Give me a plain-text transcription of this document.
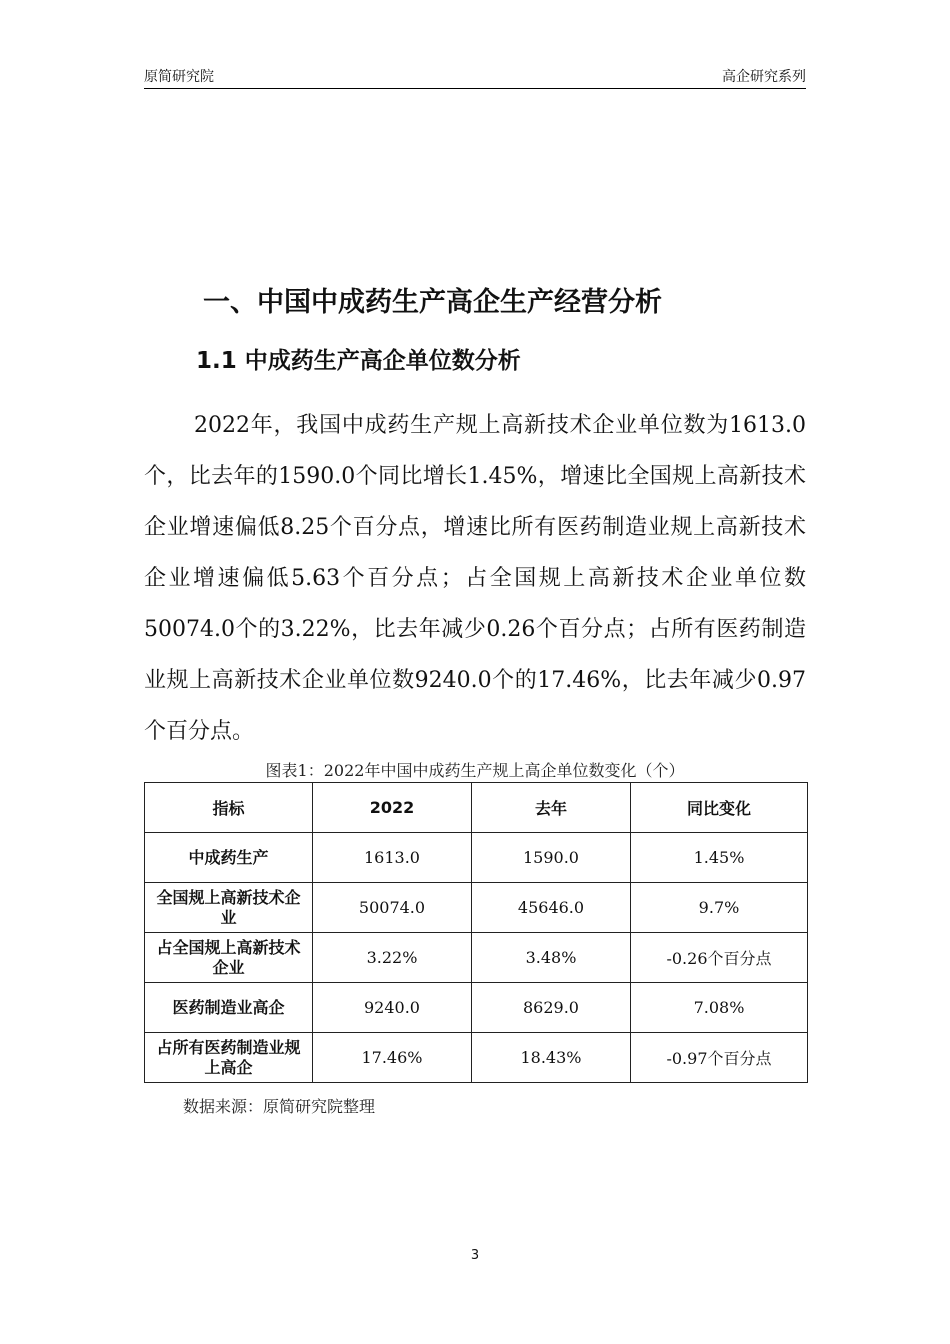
原简研究院	高企研究系列
一、中国中成药生产高企生产经营分析
1.1 中成药生产高企单位数分析

2022年，我国中成药生产规上高新技术企业单位数为1613.0个，比去年的1590.0个同比增长1.45%，增速比全国规上高新技术企业增速偏低8.25个百分点，增速比所有医药制造业规上高新技术企业增速偏低5.63个百分点；占全国规上高新技术企业单位数50074.0个的3.22%，比去年减少0.26个百分点；占所有医药制造业规上高新技术企业单位数9240.0个的17.46%，比去年减少0.97个百分点。

图表1：2022年中国中成药生产规上高企单位数变化（个）
指标	2022	去年	同比变化
中成药生产	1613.0	1590.0	1.45%
全国规上高新技术企业	50074.0	45646.0	9.7%
占全国规上高新技术企业	3.22%	3.48%	-0.26个百分点
医药制造业高企	9240.0	8629.0	7.08%
占所有医药制造业规上高企	17.46%	18.43%	-0.97个百分点
数据来源：原简研究院整理
3
